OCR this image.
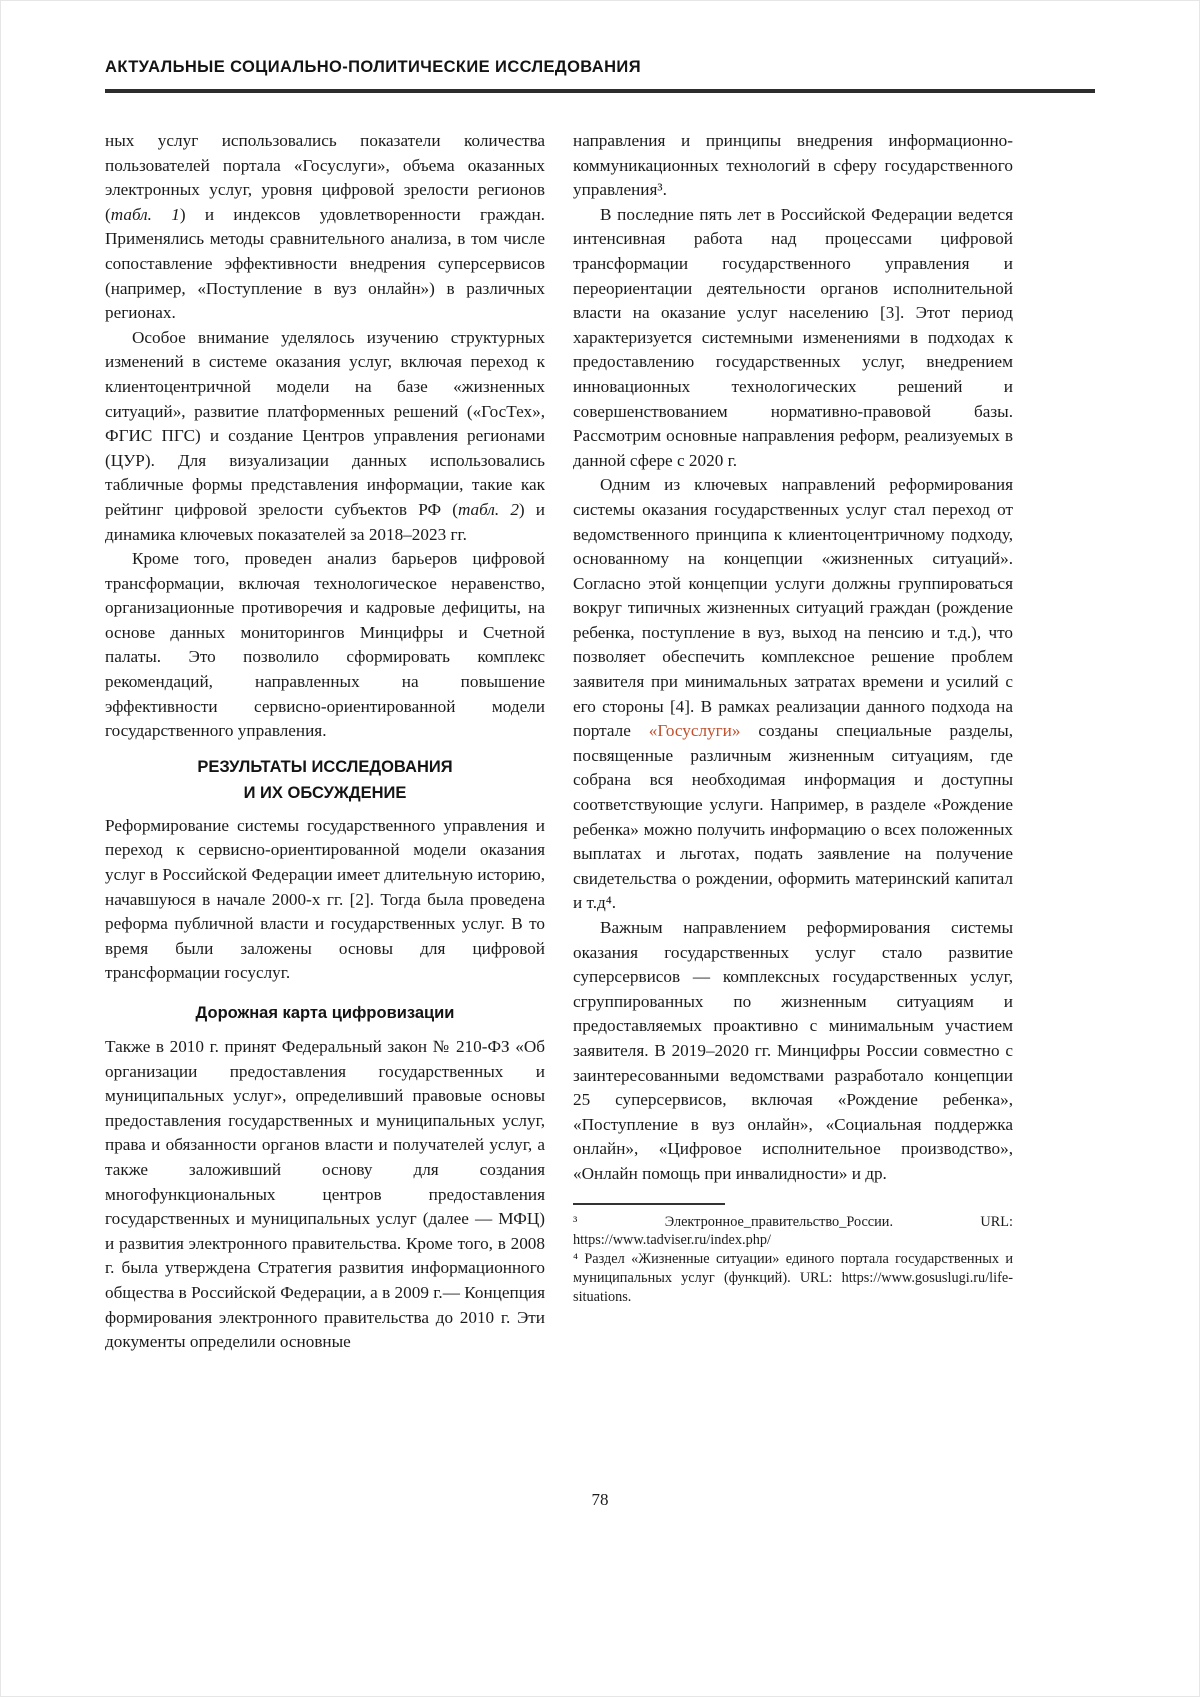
АКТУАЛЬНЫЕ СОЦИАЛЬНО-ПОЛИТИЧЕСКИЕ ИССЛЕДОВАНИЯ

ных услуг использовались показатели количества пользователей портала «Госуслуги», объема оказанных электронных услуг, уровня цифровой зрелости регионов (табл. 1) и индексов удовлетворенности граждан. Применялись методы сравнительного анализа, в том числе сопоставление эффективности внедрения суперсервисов (например, «Поступление в вуз онлайн») в различных регионах.

Особое внимание уделялось изучению структурных изменений в системе оказания услуг, включая переход к клиентоцентричной модели на базе «жизненных ситуаций», развитие платформенных решений («ГосТех», ФГИС ПГС) и создание Центров управления регионами (ЦУР). Для визуализации данных использовались табличные формы представления информации, такие как рейтинг цифровой зрелости субъектов РФ (табл. 2) и динамика ключевых показателей за 2018–2023 гг.

Кроме того, проведен анализ барьеров цифровой трансформации, включая технологическое неравенство, организационные противоречия и кадровые дефициты, на основе данных мониторингов Минцифры и Счетной палаты. Это позволило сформировать комплекс рекомендаций, направленных на повышение эффективности сервисно-ориентированной модели государственного управления.

РЕЗУЛЬТАТЫ ИССЛЕДОВАНИЯ
И ИХ ОБСУЖДЕНИЕ

Реформирование системы государственного управления и переход к сервисно-ориентированной модели оказания услуг в Российской Федерации имеет длительную историю, начавшуюся в начале 2000-х гг. [2]. Тогда была проведена реформа публичной власти и государственных услуг. В то время были заложены основы для цифровой трансформации госуслуг.

Дорожная карта цифровизации

Также в 2010 г. принят Федеральный закон № 210-ФЗ «Об организации предоставления государственных и муниципальных услуг», определивший правовые основы предоставления государственных и муниципальных услуг, права и обязанности органов власти и получателей услуг, а также заложивший основу для создания многофункциональных центров предоставления государственных и муниципальных услуг (далее — МФЦ) и развития электронного правительства. Кроме того, в 2008 г. была утверждена Стратегия развития информационного общества в Российской Федерации, а в 2009 г.— Концепция формирования электронного правительства до 2010 г. Эти документы определили основные

направления и принципы внедрения информационно-коммуникационных технологий в сферу государственного управления³.

В последние пять лет в Российской Федерации ведется интенсивная работа над процессами цифровой трансформации государственного управления и переориентации деятельности органов исполнительной власти на оказание услуг населению [3]. Этот период характеризуется системными изменениями в подходах к предоставлению государственных услуг, внедрением инновационных технологических решений и совершенствованием нормативно-правовой базы. Рассмотрим основные направления реформ, реализуемых в данной сфере с 2020 г.

Одним из ключевых направлений реформирования системы оказания государственных услуг стал переход от ведомственного принципа к клиентоцентричному подходу, основанному на концепции «жизненных ситуаций». Согласно этой концепции услуги должны группироваться вокруг типичных жизненных ситуаций граждан (рождение ребенка, поступление в вуз, выход на пенсию и т.д.), что позволяет обеспечить комплексное решение проблем заявителя при минимальных затратах времени и усилий с его стороны [4]. В рамках реализации данного подхода на портале «Госуслуги» созданы специальные разделы, посвященные различным жизненным ситуациям, где собрана вся необходимая информация и доступны соответствующие услуги. Например, в разделе «Рождение ребенка» можно получить информацию о всех положенных выплатах и льготах, подать заявление на получение свидетельства о рождении, оформить материнский капитал и т.д⁴.

Важным направлением реформирования системы оказания государственных услуг стало развитие суперсервисов — комплексных государственных услуг, сгруппированных по жизненным ситуациям и предоставляемых проактивно с минимальным участием заявителя. В 2019–2020 гг. Минцифры России совместно с заинтересованными ведомствами разработало концепции 25 суперсервисов, включая «Рождение ребенка», «Поступление в вуз онлайн», «Социальная поддержка онлайн», «Цифровое исполнительное производство», «Онлайн помощь при инвалидности» и др.

³ Электронное_правительство_России. URL: https://www.tadviser.ru/index.php/

⁴ Раздел «Жизненные ситуации» единого портала государственных и муниципальных услуг (функций). URL: https://www.gosuslugi.ru/life-situations.

78
